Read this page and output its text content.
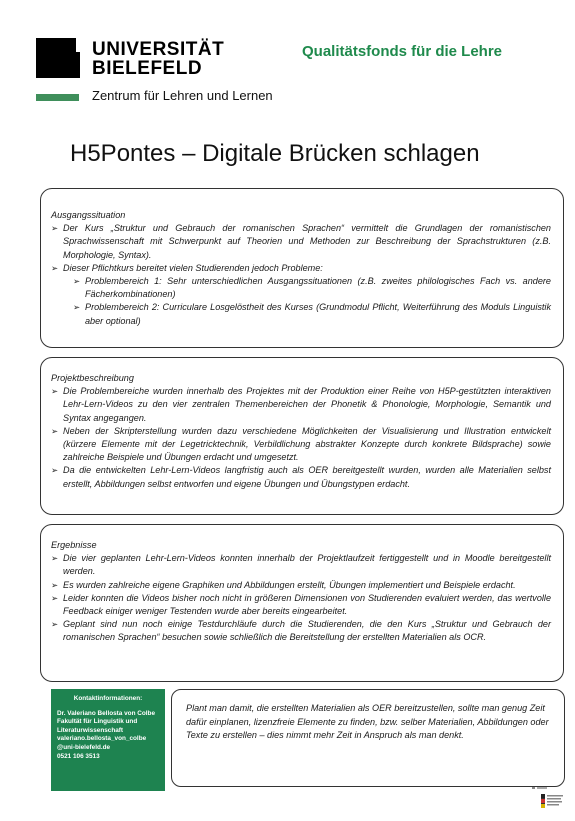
UNIVERSITÄT
BIELEFELD
Zentrum für Lehren und Lernen
Qualitätsfonds für die Lehre
H5Pontes – Digitale Brücken schlagen
Ausgangssituation
➢ Der Kurs „Struktur und Gebrauch der romanischen Sprachen“ vermittelt die Grundlagen der romanistischen Sprachwissenschaft mit Schwerpunkt auf Theorien und Methoden zur Beschreibung der Sprachstrukturen (z.B. Morphologie, Syntax).
➢ Dieser Pflichtkurs bereitet vielen Studierenden jedoch Probleme:
➢ Problembereich 1: Sehr unterschiedlichen Ausgangssituationen (z.B. zweites philologisches Fach vs. andere Fächerkombinationen)
➢ Problembereich 2: Curriculare Losgelöstheit des Kurses (Grundmodul Pflicht, Weiterführung des Moduls Linguistik aber optional)
Projektbeschreibung
➢ Die Problembereiche wurden innerhalb des Projektes mit der Produktion einer Reihe von H5P-gestützten interaktiven Lehr-Lern-Videos zu den vier zentralen Themenbereichen der Phonetik & Phonologie, Morphologie, Semantik und Syntax angegangen.
➢ Neben der Skripterstellung wurden dazu verschiedene Möglichkeiten der Visualisierung und Illustration entwickelt (kürzere Elemente mit der Legetricktechnik, Verbildlichung abstrakter Konzepte durch konkrete Bildsprache) sowie zahlreiche Beispiele und Übungen erdacht und umgesetzt.
➢ Da die entwickelten Lehr-Lern-Videos langfristig auch als OER bereitgestellt wurden, wurden alle Materialien selbst erstellt, Abbildungen selbst entworfen und eigene Übungen und Übungstypen erdacht.
Ergebnisse
➢ Die vier geplanten Lehr-Lern-Videos konnten innerhalb der Projektlaufzeit fertiggestellt und in Moodle bereitgestellt werden.
➢ Es wurden zahlreiche eigene Graphiken und Abbildungen erstellt, Übungen implementiert und Beispiele erdacht.
➢ Leider konnten die Videos bisher noch nicht in größeren Dimensionen von Studierenden evaluiert werden, das wertvolle Feedback einiger weniger Testenden wurde aber bereits eingearbeitet.
➢ Geplant sind nun noch einige Testdurchläufe durch die Studierenden, die den Kurs „Struktur und Gebrauch der romanischen Sprachen“ besuchen sowie schließlich die Bereitstellung der erstellten Materialien als OCR.
Kontaktinformationen:
Dr. Valeriano Bellosta von Colbe
Fakultät für Linguistik und Literaturwissenschaft
valeriano.bellosta_von_colbe @uni-bielefeld.de
0521 106 3513
Plant man damit, die erstellten Materialien als OER bereitzustellen, sollte man genug Zeit dafür einplanen, lizenzfreie Elemente zu finden, bzw. selber Materialien, Abbildungen oder Texte zu erstellen – dies nimmt mehr Zeit in Anspruch als man denkt.
